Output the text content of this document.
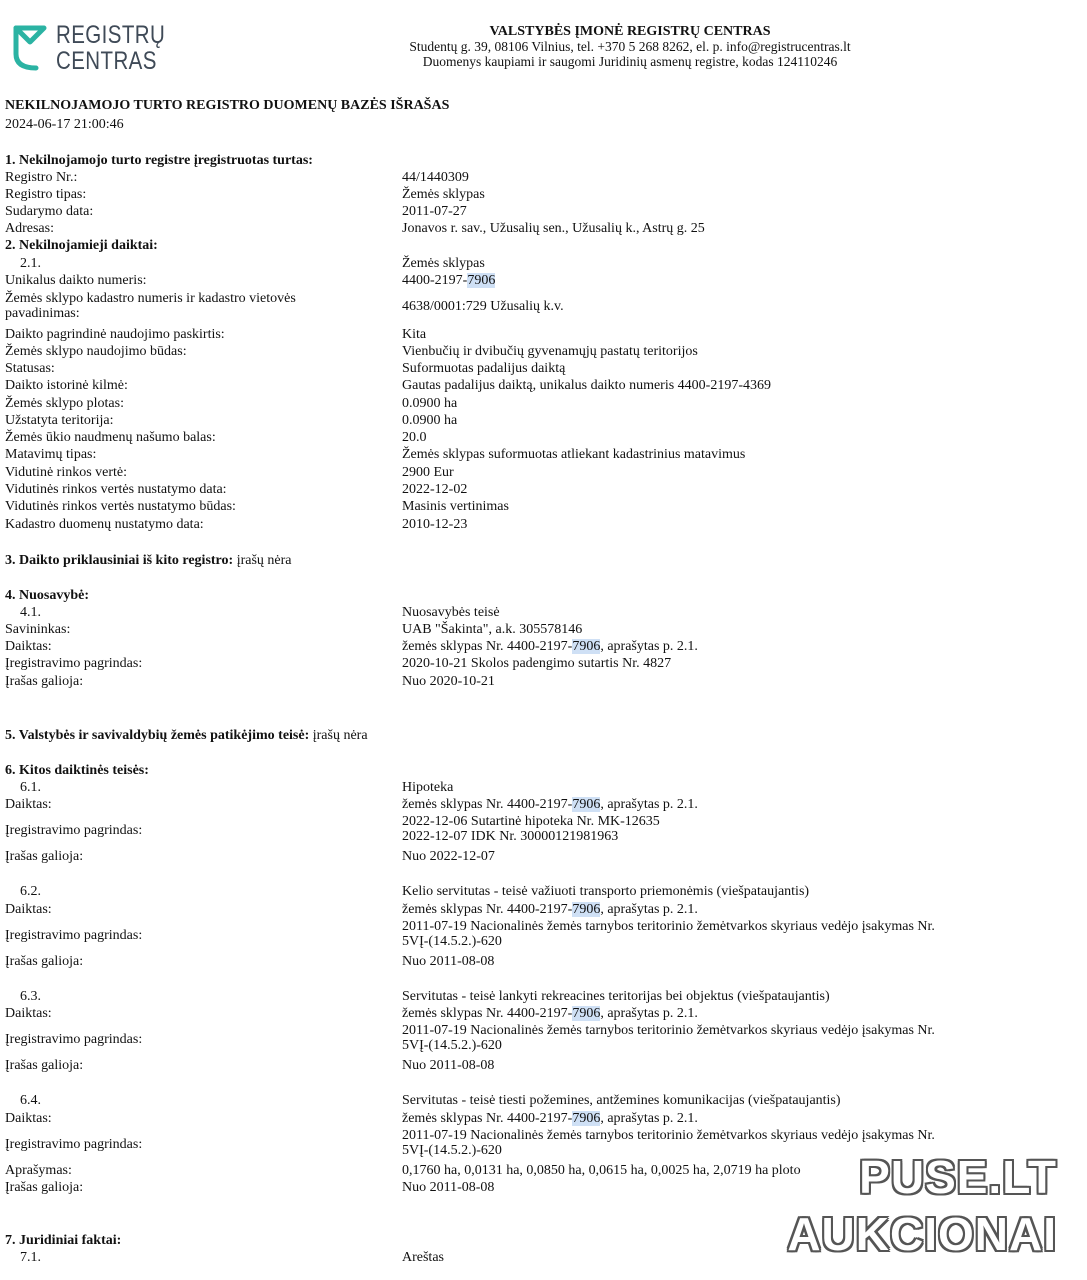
REGISTRŲ
CENTRAS
VALSTYBĖS ĮMONĖ REGISTRŲ CENTRAS
Studentų g. 39, 08106 Vilnius, tel. +370 5 268 8262, el. p. info@registrucentras.lt
Duomenys kaupiami ir saugomi Juridinių asmenų registre, kodas 124110246
NEKILNOJAMOJO TURTO REGISTRO DUOMENŲ BAZĖS IŠRAŠAS
2024-06-17 21:00:46
1. Nekilnojamojo turto registre įregistruotas turtas:
Registro Nr.:	44/1440309
Registro tipas:	Žemės sklypas
Sudarymo data:	2011-07-27
Adresas:	Jonavos r. sav., Užusalių sen., Užusalių k., Astrų g. 25
2. Nekilnojamieji daiktai:
2.1.	Žemės sklypas
Unikalus daikto numeris:	4400-2197-7906
Žemės sklypo kadastro numeris ir kadastro vietovės pavadinimas:	4638/0001:729 Užusalių k.v.
Daikto pagrindinė naudojimo paskirtis:	Kita
Žemės sklypo naudojimo būdas:	Vienbučių ir dvibučių gyvenamųjų pastatų teritorijos
Statusas:	Suformuotas padalijus daiktą
Daikto istorinė kilmė:	Gautas padalijus daiktą, unikalus daikto numeris 4400-2197-4369
Žemės sklypo plotas:	0.0900 ha
Užstatyta teritorija:	0.0900 ha
Žemės ūkio naudmenų našumo balas:	20.0
Matavimų tipas:	Žemės sklypas suformuotas atliekant kadastrinius matavimus
Vidutinė rinkos vertė:	2900 Eur
Vidutinės rinkos vertės nustatymo data:	2022-12-02
Vidutinės rinkos vertės nustatymo būdas:	Masinis vertinimas
Kadastro duomenų nustatymo data:	2010-12-23
3. Daikto priklausiniai iš kito registro: įrašų nėra
4. Nuosavybė:
4.1.	Nuosavybės teisė
Savininkas:	UAB "Šakinta", a.k. 305578146
Daiktas:	žemės sklypas Nr. 4400-2197-7906, aprašytas p. 2.1.
Įregistravimo pagrindas:	2020-10-21 Skolos padengimo sutartis Nr. 4827
Įrašas galioja:	Nuo 2020-10-21
5. Valstybės ir savivaldybių žemės patikėjimo teisė: įrašų nėra
6. Kitos daiktinės teisės:
6.1.	Hipoteka
Daiktas:	žemės sklypas Nr. 4400-2197-7906, aprašytas p. 2.1.
Įregistravimo pagrindas:
2022-12-06 Sutartinė hipoteka Nr. MK-12635
2022-12-07 IDK Nr. 30000121981963
Įrašas galioja:	Nuo 2022-12-07
6.2.	Kelio servitutas - teisė važiuoti transporto priemonėmis (viešpataujantis)
Daiktas:	žemės sklypas Nr. 4400-2197-7906, aprašytas p. 2.1.
Įregistravimo pagrindas:
2011-07-19 Nacionalinės žemės tarnybos teritorinio žemėtvarkos skyriaus vedėjo įsakymas Nr.
5VĮ-(14.5.2.)-620
Įrašas galioja:	Nuo 2011-08-08
6.3.	Servitutas - teisė lankyti rekreacines teritorijas bei objektus (viešpataujantis)
Daiktas:	žemės sklypas Nr. 4400-2197-7906, aprašytas p. 2.1.
Įregistravimo pagrindas:
2011-07-19 Nacionalinės žemės tarnybos teritorinio žemėtvarkos skyriaus vedėjo įsakymas Nr.
5VĮ-(14.5.2.)-620
Įrašas galioja:	Nuo 2011-08-08
6.4.	Servitutas - teisė tiesti požemines, antžemines komunikacijas (viešpataujantis)
Daiktas:	žemės sklypas Nr. 4400-2197-7906, aprašytas p. 2.1.
Įregistravimo pagrindas:
2011-07-19 Nacionalinės žemės tarnybos teritorinio žemėtvarkos skyriaus vedėjo įsakymas Nr.
5VĮ-(14.5.2.)-620
Aprašymas:	0,1760 ha, 0,0131 ha, 0,0850 ha, 0,0615 ha, 0,0025 ha, 2,0719 ha ploto
Įrašas galioja:	Nuo 2011-08-08
7. Juridiniai faktai:
7.1.	Areštas
PUSE.LT
AUKCIONAI
